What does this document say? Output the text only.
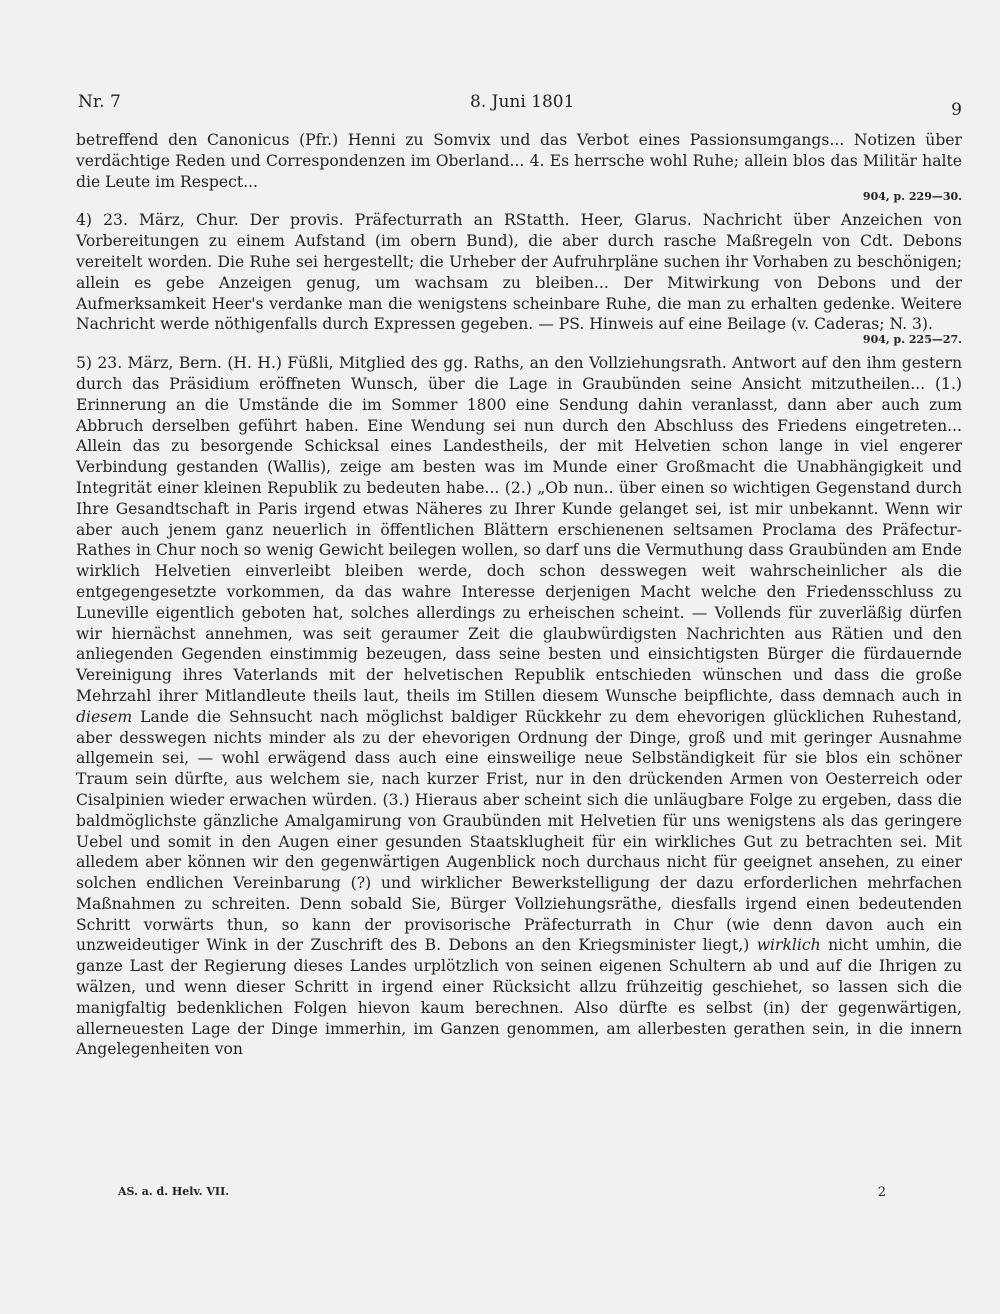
Nr. 7	8. Juni 1801	9

betreffend den Canonicus (Pfr.) Henni zu Somvix und das Verbot eines Passionsumgangs... Notizen über verdächtige Reden und Correspondenzen im Oberland... 4. Es herrsche wohl Ruhe; allein blos das Militär halte die Leute im Respect...

904, p. 229—30.

4) 23. März, Chur. Der provis. Präfecturrath an RStatth. Heer, Glarus. Nachricht über Anzeichen von Vorbereitungen zu einem Aufstand (im obern Bund), die aber durch rasche Maßregeln von Cdt. Debons vereitelt worden. Die Ruhe sei hergestellt; die Urheber der Aufruhrpläne suchen ihr Vorhaben zu beschönigen; allein es gebe Anzeigen genug, um wachsam zu bleiben... Der Mitwirkung von Debons und der Aufmerksamkeit Heer's verdanke man die wenigstens scheinbare Ruhe, die man zu erhalten gedenke. Weitere Nachricht werde nöthigenfalls durch Expressen gegeben. — PS. Hinweis auf eine Beilage (v. Caderas; N. 3).

904, p. 225—27.

5) 23. März, Bern. (H. H.) Füßli, Mitglied des gg. Raths, an den Vollziehungsrath. Antwort auf den ihm gestern durch das Präsidium eröffneten Wunsch, über die Lage in Graubünden seine Ansicht mitzutheilen... (1.) Erinnerung an die Umstände die im Sommer 1800 eine Sendung dahin veranlasst, dann aber auch zum Abbruch derselben geführt haben. Eine Wendung sei nun durch den Abschluss des Friedens eingetreten... Allein das zu besorgende Schicksal eines Landestheils, der mit Helvetien schon lange in viel engerer Verbindung gestanden (Wallis), zeige am besten was im Munde einer Großmacht die Unabhängigkeit und Integrität einer kleinen Republik zu bedeuten habe... (2.) „Ob nun.. über einen so wichtigen Gegenstand durch Ihre Gesandtschaft in Paris irgend etwas Näheres zu Ihrer Kunde gelanget sei, ist mir unbekannt. Wenn wir aber auch jenem ganz neuerlich in öffentlichen Blättern erschienenen seltsamen Proclama des Präfectur-Rathes in Chur noch so wenig Gewicht beilegen wollen, so darf uns die Vermuthung dass Graubünden am Ende wirklich Helvetien einverleibt bleiben werde, doch schon desswegen weit wahrscheinlicher als die entgegengesetzte vorkommen, da das wahre Interesse derjenigen Macht welche den Friedensschluss zu Luneville eigentlich geboten hat, solches allerdings zu erheischen scheint. — Vollends für zuverläßig dürfen wir hiernächst annehmen, was seit geraumer Zeit die glaubwürdigsten Nachrichten aus Rätien und den anliegenden Gegenden einstimmig bezeugen, dass seine besten und einsichtigsten Bürger die fürdauernde Vereinigung ihres Vaterlands mit der helvetischen Republik entschieden wünschen und dass die große Mehrzahl ihrer Mitlandleute theils laut, theils im Stillen diesem Wunsche beipflichte, dass demnach auch in diesem Lande die Sehnsucht nach möglichst baldiger Rückkehr zu dem ehevorigen glücklichen Ruhestand, aber desswegen nichts minder als zu der ehevorigen Ordnung der Dinge, groß und mit geringer Ausnahme allgemein sei, — wohl erwägend dass auch eine einsweilige neue Selbständigkeit für sie blos ein schöner Traum sein dürfte, aus welchem sie, nach kurzer Frist, nur in den drückenden Armen von Oesterreich oder Cisalpinien wieder erwachen würden. (3.) Hieraus aber scheint sich die unläugbare Folge zu ergeben, dass die baldmöglichste gänzliche Amalgamirung von Graubünden mit Helvetien für uns wenigstens als das geringere Uebel und somit in den Augen einer gesunden Staatsklugheit für ein wirkliches Gut zu betrachten sei. Mit alledem aber können wir den gegenwärtigen Augenblick noch durchaus nicht für geeignet ansehen, zu einer solchen endlichen Vereinbarung (?) und wirklicher Bewerkstelligung der dazu erforderlichen mehrfachen Maßnahmen zu schreiten. Denn sobald Sie, Bürger Vollziehungsräthe, diesfalls irgend einen bedeutenden Schritt vorwärts thun, so kann der provisorische Präfecturrath in Chur (wie denn davon auch ein unzweideutiger Wink in der Zuschrift des B. Debons an den Kriegsminister liegt,) wirklich nicht umhin, die ganze Last der Regierung dieses Landes urplötzlich von seinen eigenen Schultern ab und auf die Ihrigen zu wälzen, und wenn dieser Schritt in irgend einer Rücksicht allzu frühzeitig geschiehet, so lassen sich die manigfaltig bedenklichen Folgen hievon kaum berechnen. Also dürfte es selbst (in) der gegenwärtigen, allerneuesten Lage der Dinge immerhin, im Ganzen genommen, am allerbesten gerathen sein, in die innern Angelegenheiten von

AS. a. d. Helv. VII.	2
